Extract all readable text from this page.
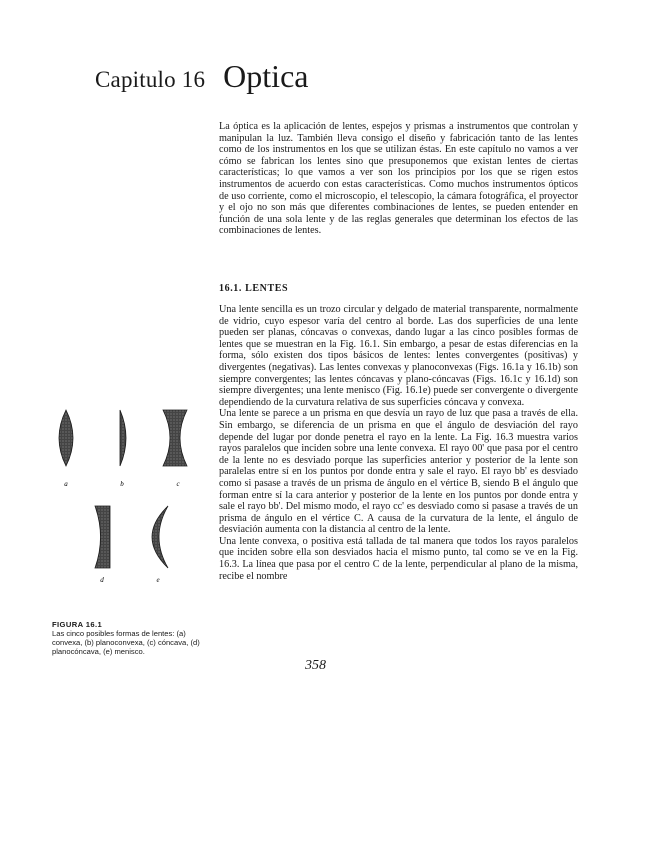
Capitulo 16 Optica

La óptica es la aplicación de lentes, espejos y prismas a instrumentos que controlan y manipulan la luz. También lleva consigo el diseño y fabricación tanto de las lentes como de los instrumentos en los que se utilizan éstas. En este capítulo no vamos a ver cómo se fabrican los lentes sino que presuponemos que existan lentes de ciertas características; lo que vamos a ver son los principios por los que se rigen estos instrumentos de acuerdo con estas características. Como muchos instrumentos ópticos de uso corriente, como el microscopio, el telescopio, la cámara fotográfica, el proyector y el ojo no son más que diferentes combinaciones de lentes, se pueden entender en función de una sola lente y de las reglas generales que determinan los efectos de las combinaciones de lentes.

16.1. LENTES

Una lente sencilla es un trozo circular y delgado de material transparente, normalmente de vidrio, cuyo espesor varía del centro al borde. Las dos superficies de una lente pueden ser planas, cóncavas o convexas, dando lugar a las cinco posibles formas de lentes que se muestran en la Fig. 16.1. Sin embargo, a pesar de estas diferencias en la forma, sólo existen dos tipos básicos de lentes: lentes convergentes (positivas) y divergentes (negativas). Las lentes convexas y planoconvexas (Figs. 16.1a y 16.1b) son siempre convergentes; las lentes cóncavas y plano-cóncavas (Figs. 16.1c y 16.1d) son siempre divergentes; una lente menisco (Fig. 16.1e) puede ser convergente o divergente dependiendo de la curvatura relativa de sus superficies cóncava y convexa.

Una lente se parece a un prisma en que desvía un rayo de luz que pasa a través de ella. Sin embargo, se diferencia de un prisma en que el ángulo de desviación del rayo depende del lugar por donde penetra el rayo en la lente. La Fig. 16.3 muestra varios rayos paralelos que inciden sobre una lente convexa. El rayo 00' que pasa por el centro de la lente no es desviado porque las superficies anterior y posterior de la lente son paralelas entre sí en los puntos por donde entra y sale el rayo. El rayo bb' es desviado como si pasase a través de un prisma de ángulo en el vértice B, siendo B el ángulo que forman entre sí la cara anterior y posterior de la lente en los puntos por donde entra y sale el rayo bb'. Del mismo modo, el rayo cc' es desviado como si pasase a través de un prisma de ángulo en el vértice C. A causa de la curvatura de la lente, el ángulo de desviación aumenta con la distancia al centro de la lente.

Una lente convexa, o positiva está tallada de tal manera que todos los rayos paralelos que inciden sobre ella son desviados hacia el mismo punto, tal como se ve en la Fig. 16.3. La línea que pasa por el centro C de la lente, perpendicular al plano de la misma, recibe el nombre

a	b	c
d	e
FIGURA 16.1
Las cinco posibles formas de lentes: (a) convexa, (b) planoconvexa, (c) cóncava, (d) planocóncava, (e) menisco.
358
